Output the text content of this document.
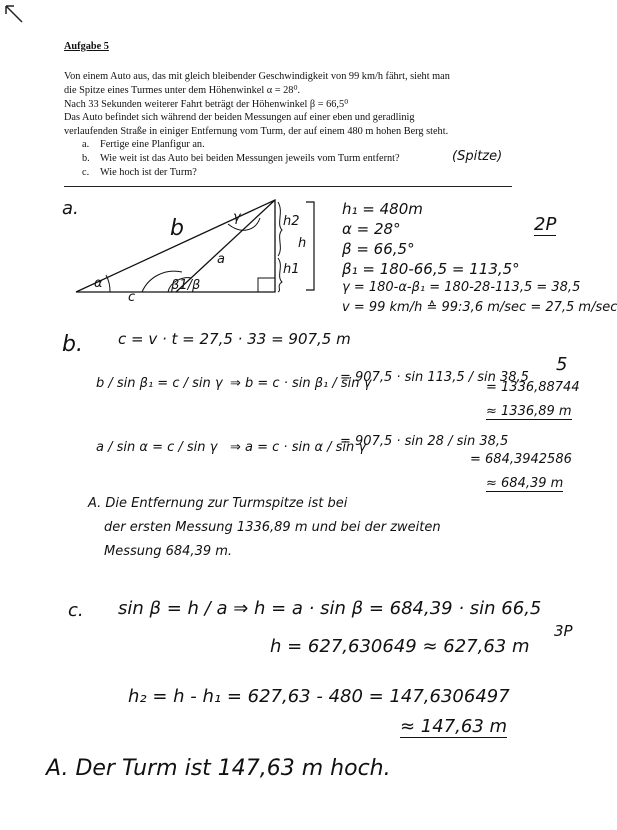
Aufgabe 5
Von einem Auto aus, das mit gleich bleibender Geschwindigkeit von 99 km/h fährt, sieht man
die Spitze eines Turmes unter dem Höhenwinkel α = 28⁰.
Nach 33 Sekunden weiterer Fahrt beträgt der Höhenwinkel β = 66,5⁰
Das Auto befindet sich während der beiden Messungen auf einer eben und geradlinig
verlaufenden Straße in einiger Entfernung vom Turm, der auf einem 480 m hohen Berg steht.
a. Fertige eine Planfigur an.
b. Wie weit ist das Auto bei beiden Messungen jeweils vom Turm entfernt?	(Spitze)
c. Wie hoch ist der Turm?
a.
b	γ
a
α	β1/β
c
h2
h
h1
h₁ = 480m
α = 28°
β = 66,5°
β₁ = 180-66,5 = 113,5°
γ = 180-α-β₁ = 180-28-113,5 = 38,5
v = 99 km/h ≙ 99:3,6 m/sec = 27,5 m/sec
2P
b. c = v · t = 27,5 · 33 = 907,5 m
5
b / sin β₁ = c / sin γ ⇒ b = c · sin β₁ / sin γ
= 907,5 · sin 113,5 / sin 38,5
= 1336,88744
≈ 1336,89 m
a / sin α = c / sin γ ⇒ a = c · sin α / sin γ
= 907,5 · sin 28 / sin 38,5
= 684,3942586
≈ 684,39 m
A. Die Entfernung zur Turmspitze ist bei
der ersten Messung 1336,89 m und bei der zweiten
Messung 684,39 m.
c. sin β = h / a ⇒ h = a · sin β = 684,39 · sin 66,5
h = 627,630649 ≈ 627,63 m
3P
h₂ = h - h₁ = 627,63 - 480 = 147,6306497
≈ 147,63 m
A. Der Turm ist 147,63 m hoch.
